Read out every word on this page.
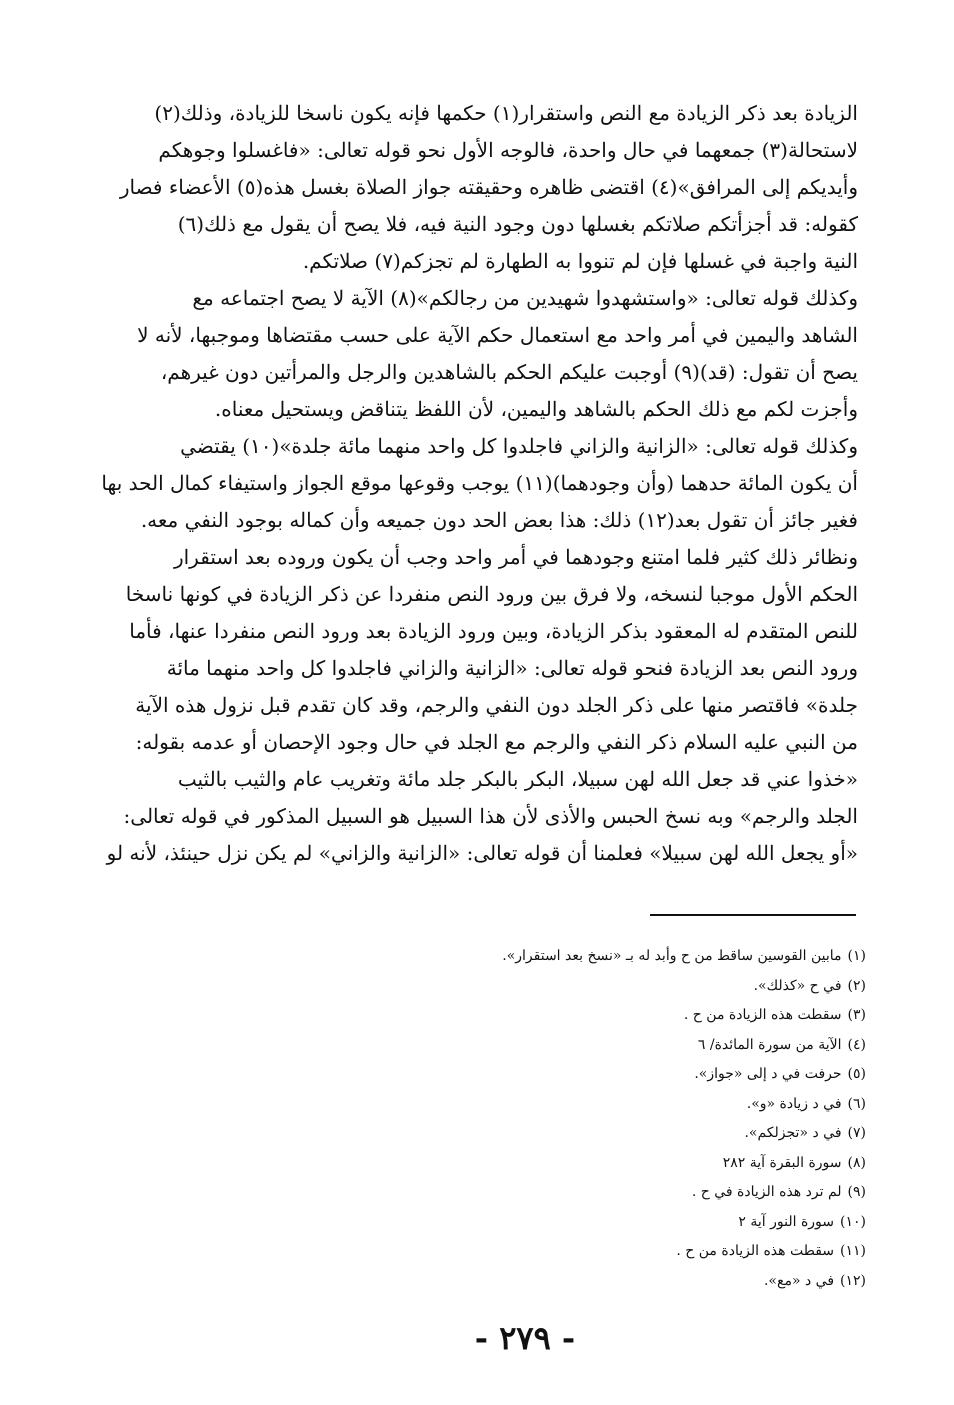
الزيادة بعد ذكر الزيادة مع النص واستقرار(١) حكمها فإنه يكون ناسخا للزيادة، وذلك(٢)
لاستحالة(٣) جمعهما في حال واحدة، فالوجه الأول نحو قوله تعالى: «فاغسلوا وجوهكم
وأيديكم إلى المرافق»(٤) اقتضى ظاهره وحقيقته جواز الصلاة بغسل هذه(٥) الأعضاء فصار
كقوله: قد أجزأتكم صلاتكم بغسلها دون وجود النية فيه، فلا يصح أن يقول مع ذلك(٦)
النية واجبة في غسلها فإن لم تنووا به الطهارة لم تجزكم(٧) صلاتكم.
وكذلك قوله تعالى: «واستشهدوا شهيدين من رجالكم»(٨) الآية لا يصح اجتماعه مع
الشاهد واليمين في أمر واحد مع استعمال حكم الآية على حسب مقتضاها وموجبها، لأنه لا
يصح أن تقول: (قد)(٩) أوجبت عليكم الحكم بالشاهدين والرجل والمرأتين دون غيرهم،
وأجزت لكم مع ذلك الحكم بالشاهد واليمين، لأن اللفظ يتناقض ويستحيل معناه.
وكذلك قوله تعالى: «الزانية والزاني فاجلدوا كل واحد منهما مائة جلدة»(١٠) يقتضي
أن يكون المائة حدهما (وأن وجودهما)(١١) يوجب وقوعها موقع الجواز واستيفاء كمال الحد بها
فغير جائز أن تقول بعد(١٢) ذلك: هذا بعض الحد دون جميعه وأن كماله بوجود النفي معه.
ونظائر ذلك كثير فلما امتنع وجودهما في أمر واحد وجب أن يكون وروده بعد استقرار
الحكم الأول موجبا لنسخه، ولا فرق بين ورود النص منفردا عن ذكر الزيادة في كونها ناسخا
للنص المتقدم له المعقود بذكر الزيادة، وبين ورود الزيادة بعد ورود النص منفردا عنها، فأما
ورود النص بعد الزيادة فنحو قوله تعالى: «الزانية والزاني فاجلدوا كل واحد منهما مائة
جلدة» فاقتصر منها على ذكر الجلد دون النفي والرجم، وقد كان تقدم قبل نزول هذه الآية
من النبي عليه السلام ذكر النفي والرجم مع الجلد في حال وجود الإحصان أو عدمه بقوله:
«خذوا عني قد جعل الله لهن سبيلا، البكر بالبكر جلد مائة وتغريب عام والثيب بالثيب
الجلد والرجم» وبه نسخ الحبس والأذى لأن هذا السبيل هو السبيل المذكور في قوله تعالى:
«أو يجعل الله لهن سبيلا» فعلمنا أن قوله تعالى: «الزانية والزاني» لم يكن نزل حينئذ، لأنه لو
(١)مابين القوسين ساقط من ح وأبد له بـ «نسخ بعد استقرار».
(٢)في ح «كذلك».
(٣)سقطت هذه الزيادة من ح .
(٤)الآية من سورة المائدة/ ٦
(٥)حرفت في د إلى «جواز».
(٦)في د زيادة «و».
(٧)في د «تجزلكم».
(٨)سورة البقرة آية ٢٨٢
(٩)لم ترد هذه الزيادة في ح .
(١٠)سورة النور آية ٢
(١١)سقطت هذه الزيادة من ح .
(١٢)في د «مع».
- ٢٧٩ -
